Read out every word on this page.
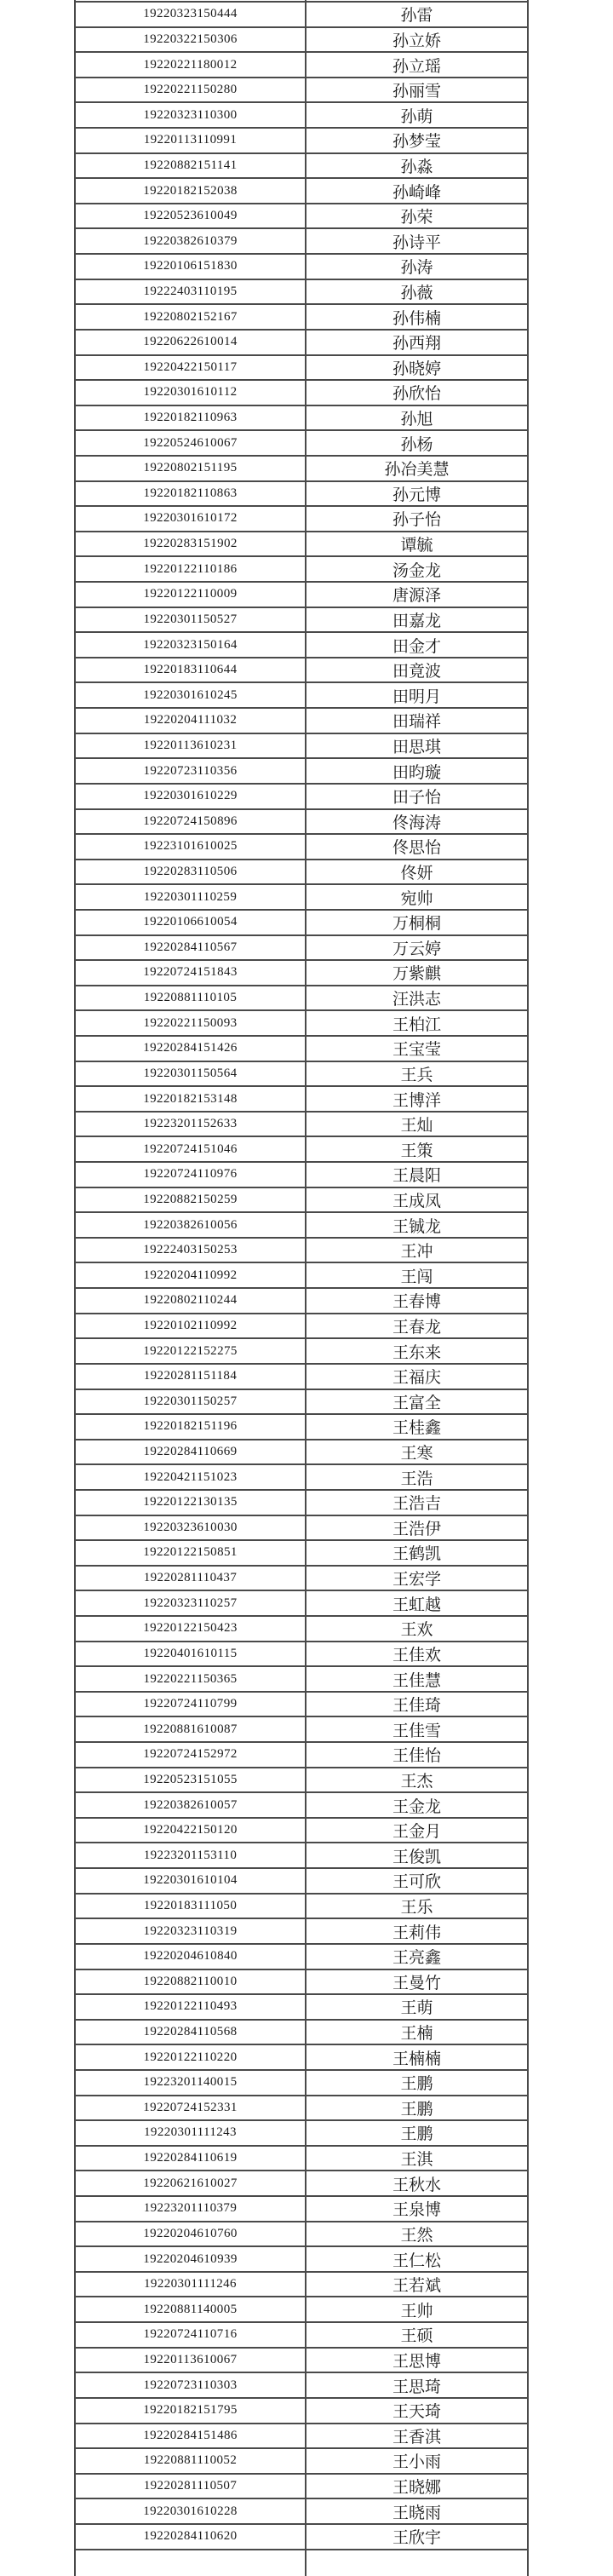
19220323150444	孙雷
19220322150306	孙立娇
19220221180012	孙立瑶
19220221150280	孙丽雪
19220323110300	孙萌
19220113110991	孙梦莹
19220882151141	孙淼
19220182152038	孙崎峰
19220523610049	孙荣
19220382610379	孙诗平
19220106151830	孙涛
19222403110195	孙薇
19220802152167	孙伟楠
19220622610014	孙西翔
19220422150117	孙晓婷
19220301610112	孙欣怡
19220182110963	孙旭
19220524610067	孙杨
19220802151195	孙冶美慧
19220182110863	孙元博
19220301610172	孙子怡
19220283151902	谭毓
19220122110186	汤金龙
19220122110009	唐源泽
19220301150527	田嘉龙
19220323150164	田金才
19220183110644	田竟波
19220301610245	田明月
19220204111032	田瑞祥
19220113610231	田思琪
19220723110356	田昀璇
19220301610229	田子怡
19220724150896	佟海涛
19223101610025	佟思怡
19220283110506	佟妍
19220301110259	宛帅
19220106610054	万桐桐
19220284110567	万云婷
19220724151843	万紫麒
19220881110105	汪洪志
19220221150093	王柏江
19220284151426	王宝莹
19220301150564	王兵
19220182153148	王博洋
19223201152633	王灿
19220724151046	王策
19220724110976	王晨阳
19220882150259	王成凤
19220382610056	王铖龙
19222403150253	王冲
19220204110992	王闯
19220802110244	王春博
19220102110992	王春龙
19220122152275	王东来
19220281151184	王福庆
19220301150257	王富全
19220182151196	王桂鑫
19220284110669	王寒
19220421151023	王浩
19220122130135	王浩吉
19220323610030	王浩伊
19220122150851	王鹤凯
19220281110437	王宏学
19220323110257	王虹越
19220122150423	王欢
19220401610115	王佳欢
19220221150365	王佳慧
19220724110799	王佳琦
19220881610087	王佳雪
19220724152972	王佳怡
19220523151055	王杰
19220382610057	王金龙
19220422150120	王金月
19223201153110	王俊凯
19220301610104	王可欣
19220183111050	王乐
19220323110319	王莉伟
19220204610840	王亮鑫
19220882110010	王曼竹
19220122110493	王萌
19220284110568	王楠
19220122110220	王楠楠
19223201140015	王鹏
19220724152331	王鹏
19220301111243	王鹏
19220284110619	王淇
19220621610027	王秋水
19223201110379	王泉博
19220204610760	王然
19220204610939	王仁松
19220301111246	王若斌
19220881140005	王帅
19220724110716	王硕
19220113610067	王思博
19220723110303	王思琦
19220182151795	王天琦
19220284151486	王香淇
19220881110052	王小雨
19220281110507	王晓娜
19220301610228	王晓雨
19220284110620	王欣宇
